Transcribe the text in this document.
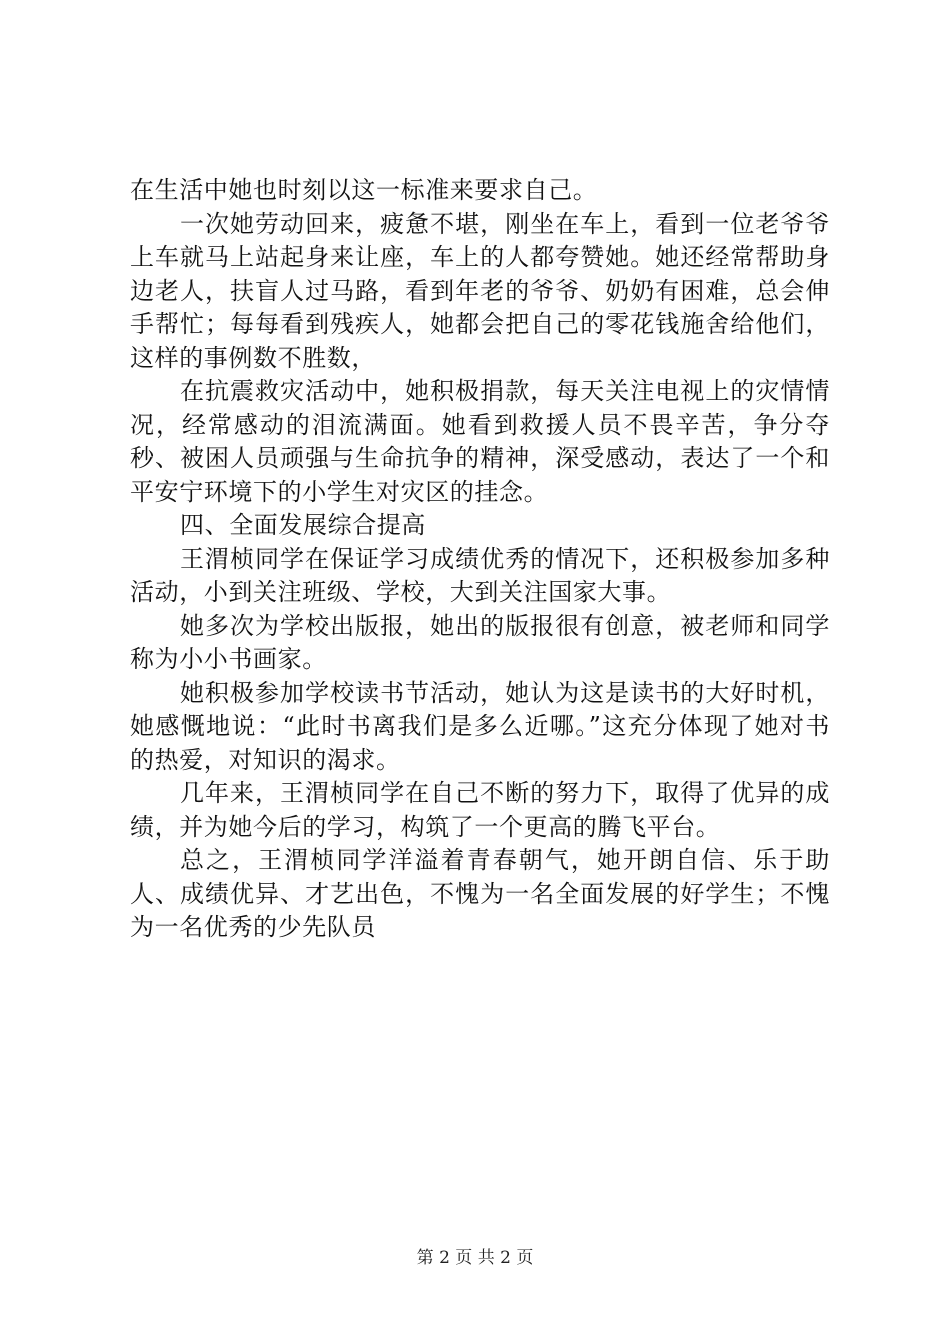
在生活中她也时刻以这一标准来要求自己。

一次她劳动回来，疲惫不堪，刚坐在车上，看到一位老爷爷上车就马上站起身来让座，车上的人都夸赞她。她还经常帮助身边老人，扶盲人过马路，看到年老的爷爷、奶奶有困难，总会伸手帮忙；每每看到残疾人，她都会把自己的零花钱施舍给他们，这样的事例数不胜数，

在抗震救灾活动中，她积极捐款，每天关注电视上的灾情情况，经常感动的泪流满面。她看到救援人员不畏辛苦，争分夺秒、被困人员顽强与生命抗争的精神，深受感动，表达了一个和平安宁环境下的小学生对灾区的挂念。

四、全面发展综合提高

王渭桢同学在保证学习成绩优秀的情况下，还积极参加多种活动，小到关注班级、学校，大到关注国家大事。

她多次为学校出版报，她出的版报很有创意，被老师和同学称为小小书画家。

她积极参加学校读书节活动，她认为这是读书的大好时机，她感慨地说：“此时书离我们是多么近哪。”这充分体现了她对书的热爱，对知识的渴求。

几年来，王渭桢同学在自己不断的努力下，取得了优异的成绩，并为她今后的学习，构筑了一个更高的腾飞平台。

总之，王渭桢同学洋溢着青春朝气，她开朗自信、乐于助人、成绩优异、才艺出色，不愧为一名全面发展的好学生；不愧为一名优秀的少先队员

第 2 页 共 2 页
